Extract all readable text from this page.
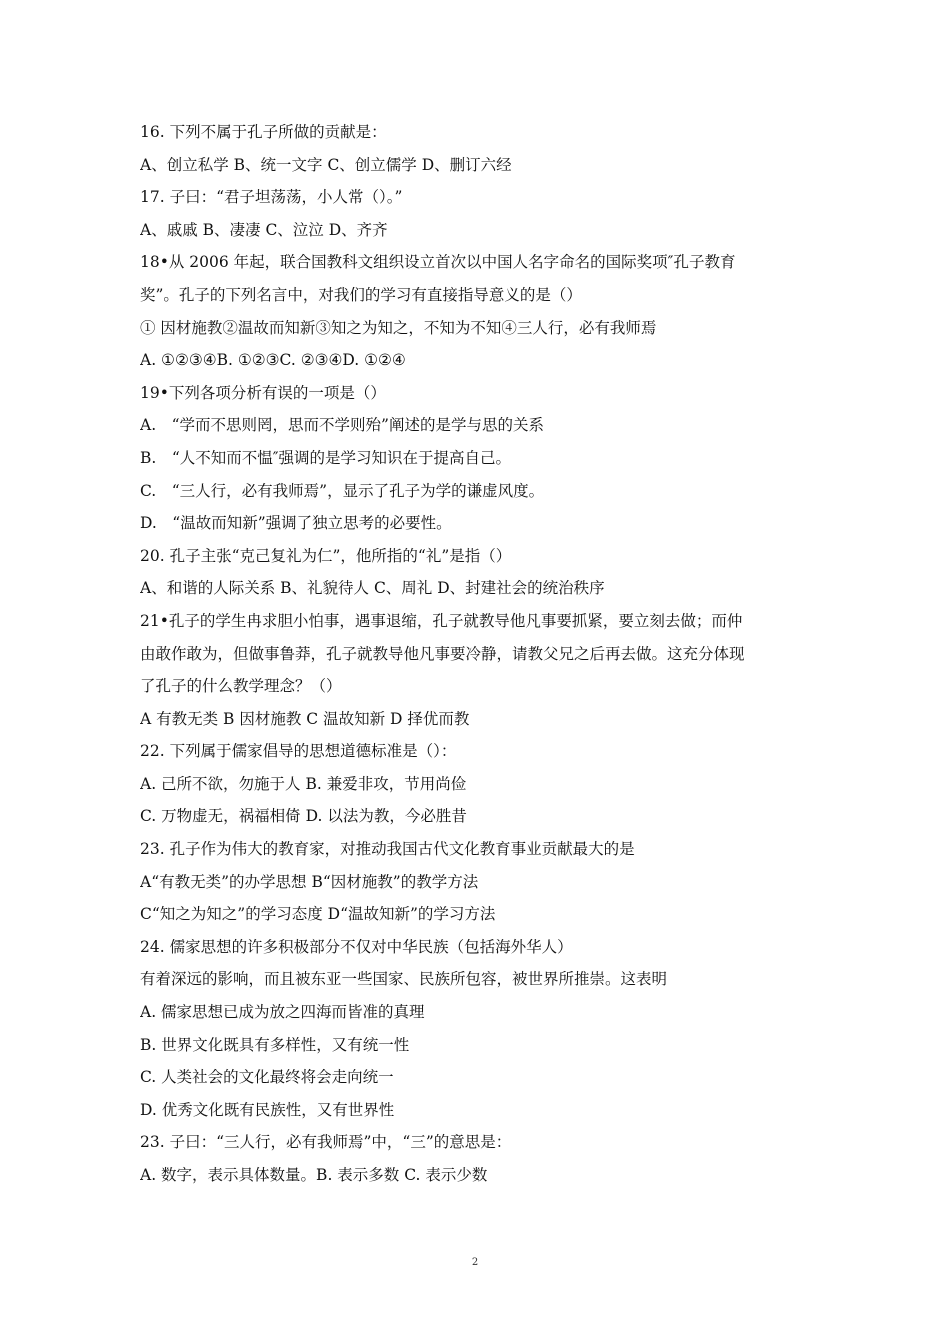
16. 下列不属于孔子所做的贡献是：
A、创立私学 B、统一文字 C、创立儒学 D、删订六经
17. 子曰：“君子坦荡荡，小人常（）。”
A、戚戚 B、凄凄 C、泣泣 D、齐齐
18•从 2006 年起，联合国教科文组织设立首次以中国人名字命名的国际奖项″孔子教育
奖”。孔子的下列名言中，对我们的学习有直接指导意义的是（）
① 因材施教②温故而知新③知之为知之，不知为不知④三人行，必有我师焉
A. ①②③④B. ①②③C. ②③④D. ①②④
19•下列各项分析有误的一项是（）
A.　“学而不思则罔，思而不学则殆”阐述的是学与思的关系
B.　“人不知而不愠″强调的是学习知识在于提高自己。
C.　“三人行，必有我师焉”，显示了孔子为学的谦虚风度。
D.　“温故而知新”强调了独立思考的必要性。
20. 孔子主张“克己复礼为仁”，他所指的“礼”是指（）
A、和谐的人际关系 B、礼貌待人 C、周礼 D、封建社会的统治秩序
21•孔子的学生冉求胆小怕事，遇事退缩，孔子就教导他凡事要抓紧，要立刻去做；而仲
由敢作敢为，但做事鲁莽，孔子就教导他凡事要冷静，请教父兄之后再去做。这充分体现
了孔子的什么教学理念？（）
A 有教无类 B 因材施教 C 温故知新 D 择优而教
22. 下列属于儒家倡导的思想道德标准是（）：
A. 己所不欲，勿施于人 B. 兼爱非攻，节用尚俭
C. 万物虚无，祸福相倚 D. 以法为教，今必胜昔
23. 孔子作为伟大的教育家，对推动我国古代文化教育事业贡献最大的是
A“有教无类”的办学思想 B“因材施教”的教学方法
C“知之为知之”的学习态度 D“温故知新”的学习方法
24. 儒家思想的许多积极部分不仅对中华民族（包括海外华人）
有着深远的影响，而且被东亚一些国家、民族所包容，被世界所推崇。这表明
A. 儒家思想已成为放之四海而皆准的真理
B. 世界文化既具有多样性，又有统一性
C. 人类社会的文化最终将会走向统一
D. 优秀文化既有民族性，又有世界性
23. 子曰：“三人行，必有我师焉”中，“三”的意思是：
A. 数字，表示具体数量。B. 表示多数 C. 表示少数
2
